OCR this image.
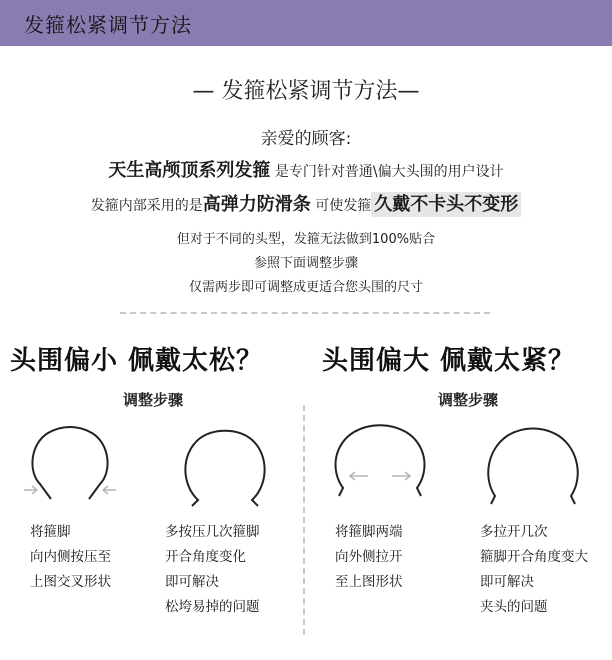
发箍松紧调节方法
— 发箍松紧调节方法—
亲爱的顾客:
天生高颅顶系列发箍 是专门针对普通\偏大头围的用户设计
发箍内部采用的是高弹力防滑条 可使发箍 久戴不卡头不变形
但对于不同的头型，发箍无法做到100%贴合
参照下面调整步骤
仅需两步即可调整成更适合您头围的尺寸
头围偏小 佩戴太松？
调整步骤
将箍脚
向内侧按压至
上图交叉形状
多按压几次箍脚
开合角度变化
即可解决
松垮易掉的问题
头围偏大 佩戴太紧？
调整步骤
将箍脚两端
向外侧拉开
至上图形状
多拉开几次
箍脚开合角度变大
即可解决
夹头的问题
